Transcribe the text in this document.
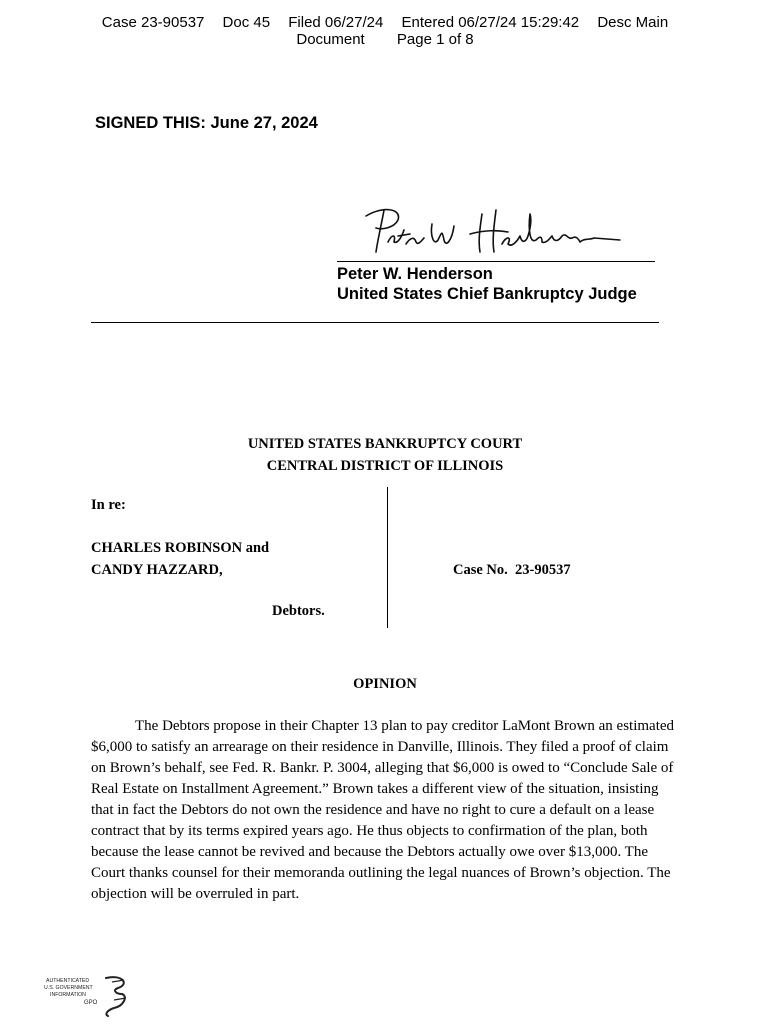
Case 23-90537 Doc 45 Filed 06/27/24 Entered 06/27/24 15:29:42 Desc Main
Document Page 1 of 8
SIGNED THIS: June 27, 2024
Peter W. Henderson
United States Chief Bankruptcy Judge
UNITED STATES BANKRUPTCY COURT
CENTRAL DISTRICT OF ILLINOIS
In re:
CHARLES ROBINSON and
CANDY HAZZARD,
Debtors.
Case No.  23-90537
OPINION

The Debtors propose in their Chapter 13 plan to pay creditor LaMont Brown an estimated $6,000 to satisfy an arrearage on their residence in Danville, Illinois. They filed a proof of claim on Brown’s behalf, see Fed. R. Bankr. P. 3004, alleging that $6,000 is owed to “Conclude Sale of Real Estate on Installment Agreement.” Brown takes a different view of the situation, insisting that in fact the Debtors do not own the residence and have no right to cure a default on a lease contract that by its terms expired years ago. He thus objects to confirmation of the plan, both because the lease cannot be revived and because the Debtors actually owe over $13,000. The Court thanks counsel for their memoranda outlining the legal nuances of Brown’s objection. The objection will be overruled in part.

AUTHENTICATED
U.S. GOVERNMENT
INFORMATION
GPO
